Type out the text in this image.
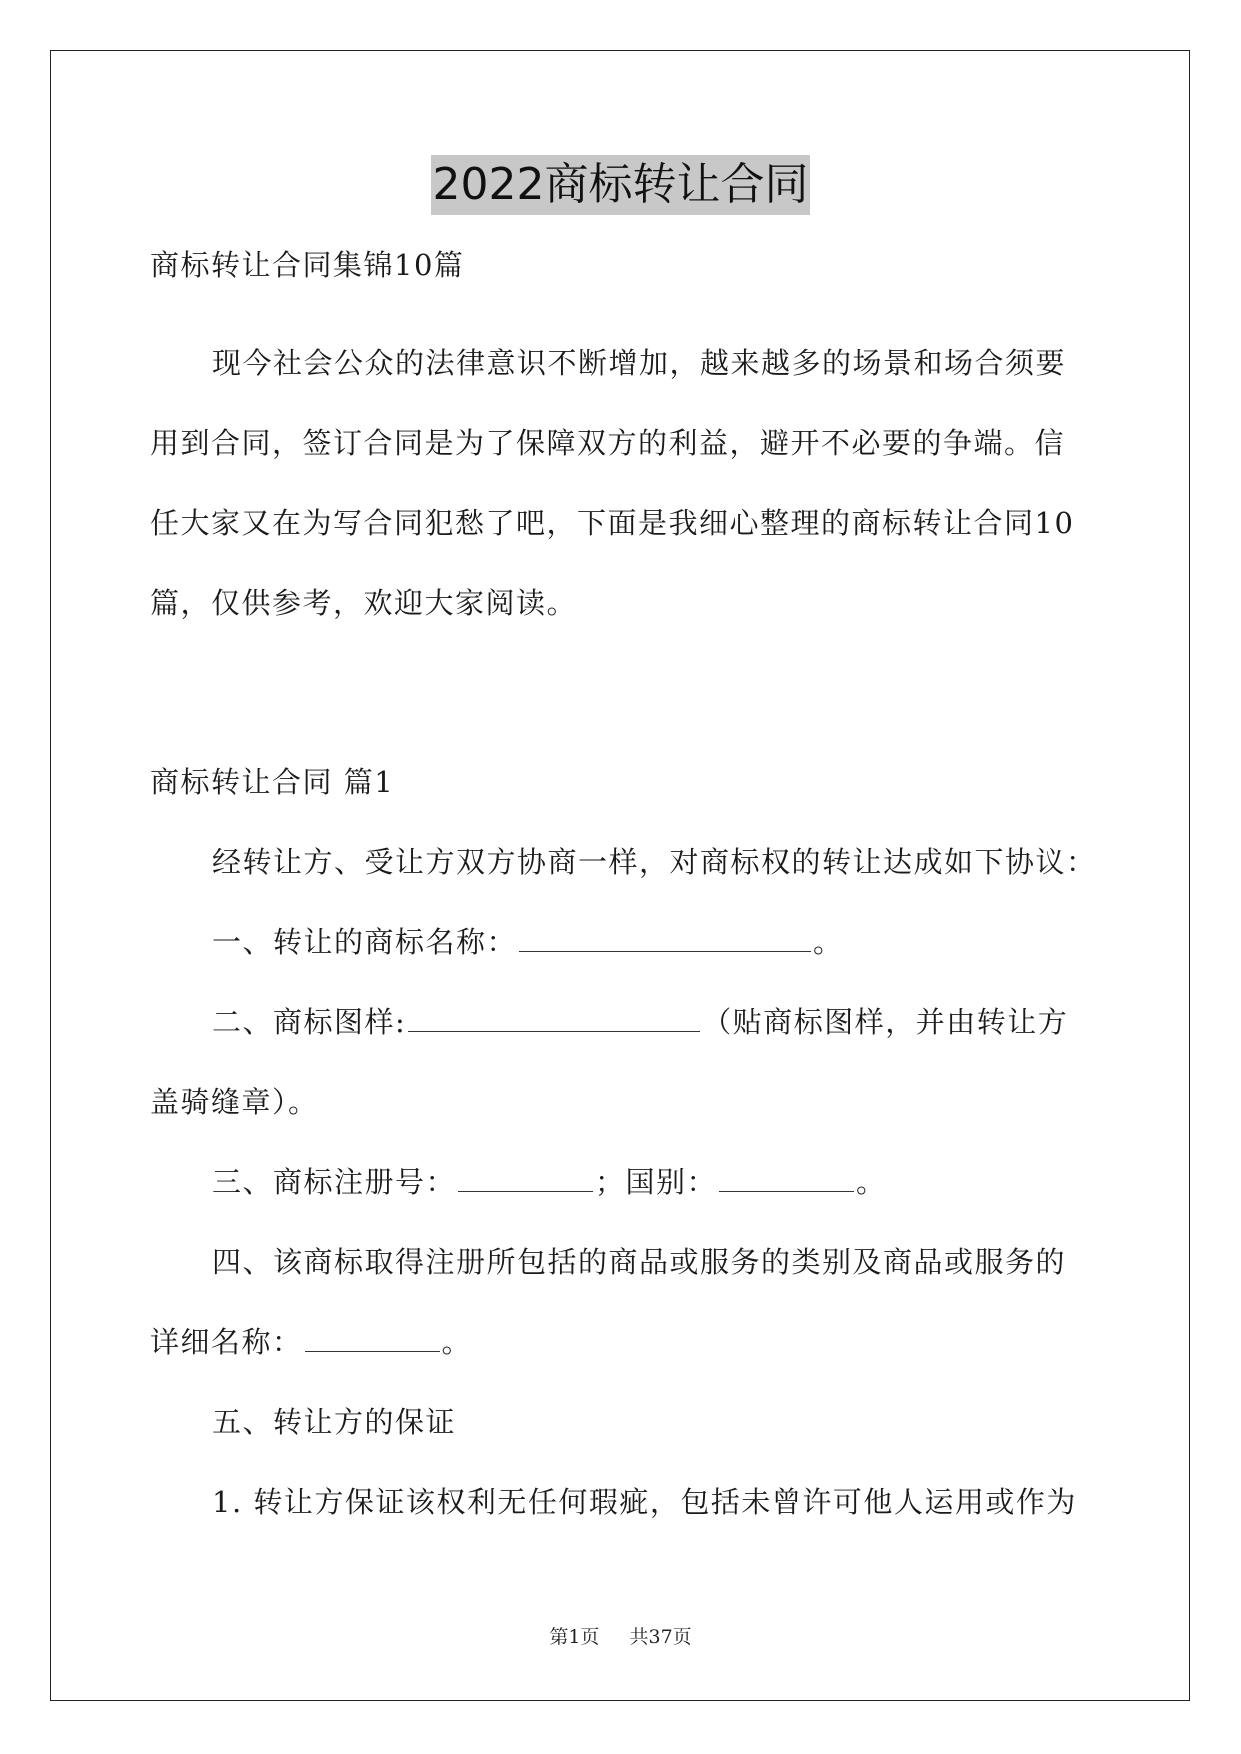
2022商标转让合同
商标转让合同集锦10篇
现今社会公众的法律意识不断增加，越来越多的场景和场合须要
用到合同，签订合同是为了保障双方的利益，避开不必要的争端。信
任大家又在为写合同犯愁了吧，下面是我细心整理的商标转让合同10
篇，仅供参考，欢迎大家阅读。
商标转让合同 篇1
经转让方、受让方双方协商一样，对商标权的转让达成如下协议：
一、转让的商标名称：	。
二、商标图样:	（贴商标图样，并由转让方
盖骑缝章）。
三、商标注册号：	；国别：	。
四、该商标取得注册所包括的商品或服务的类别及商品或服务的
详细名称：	。
五、转让方的保证
1. 转让方保证该权利无任何瑕疵，包括未曾许可他人运用或作为
第1页 共37页
